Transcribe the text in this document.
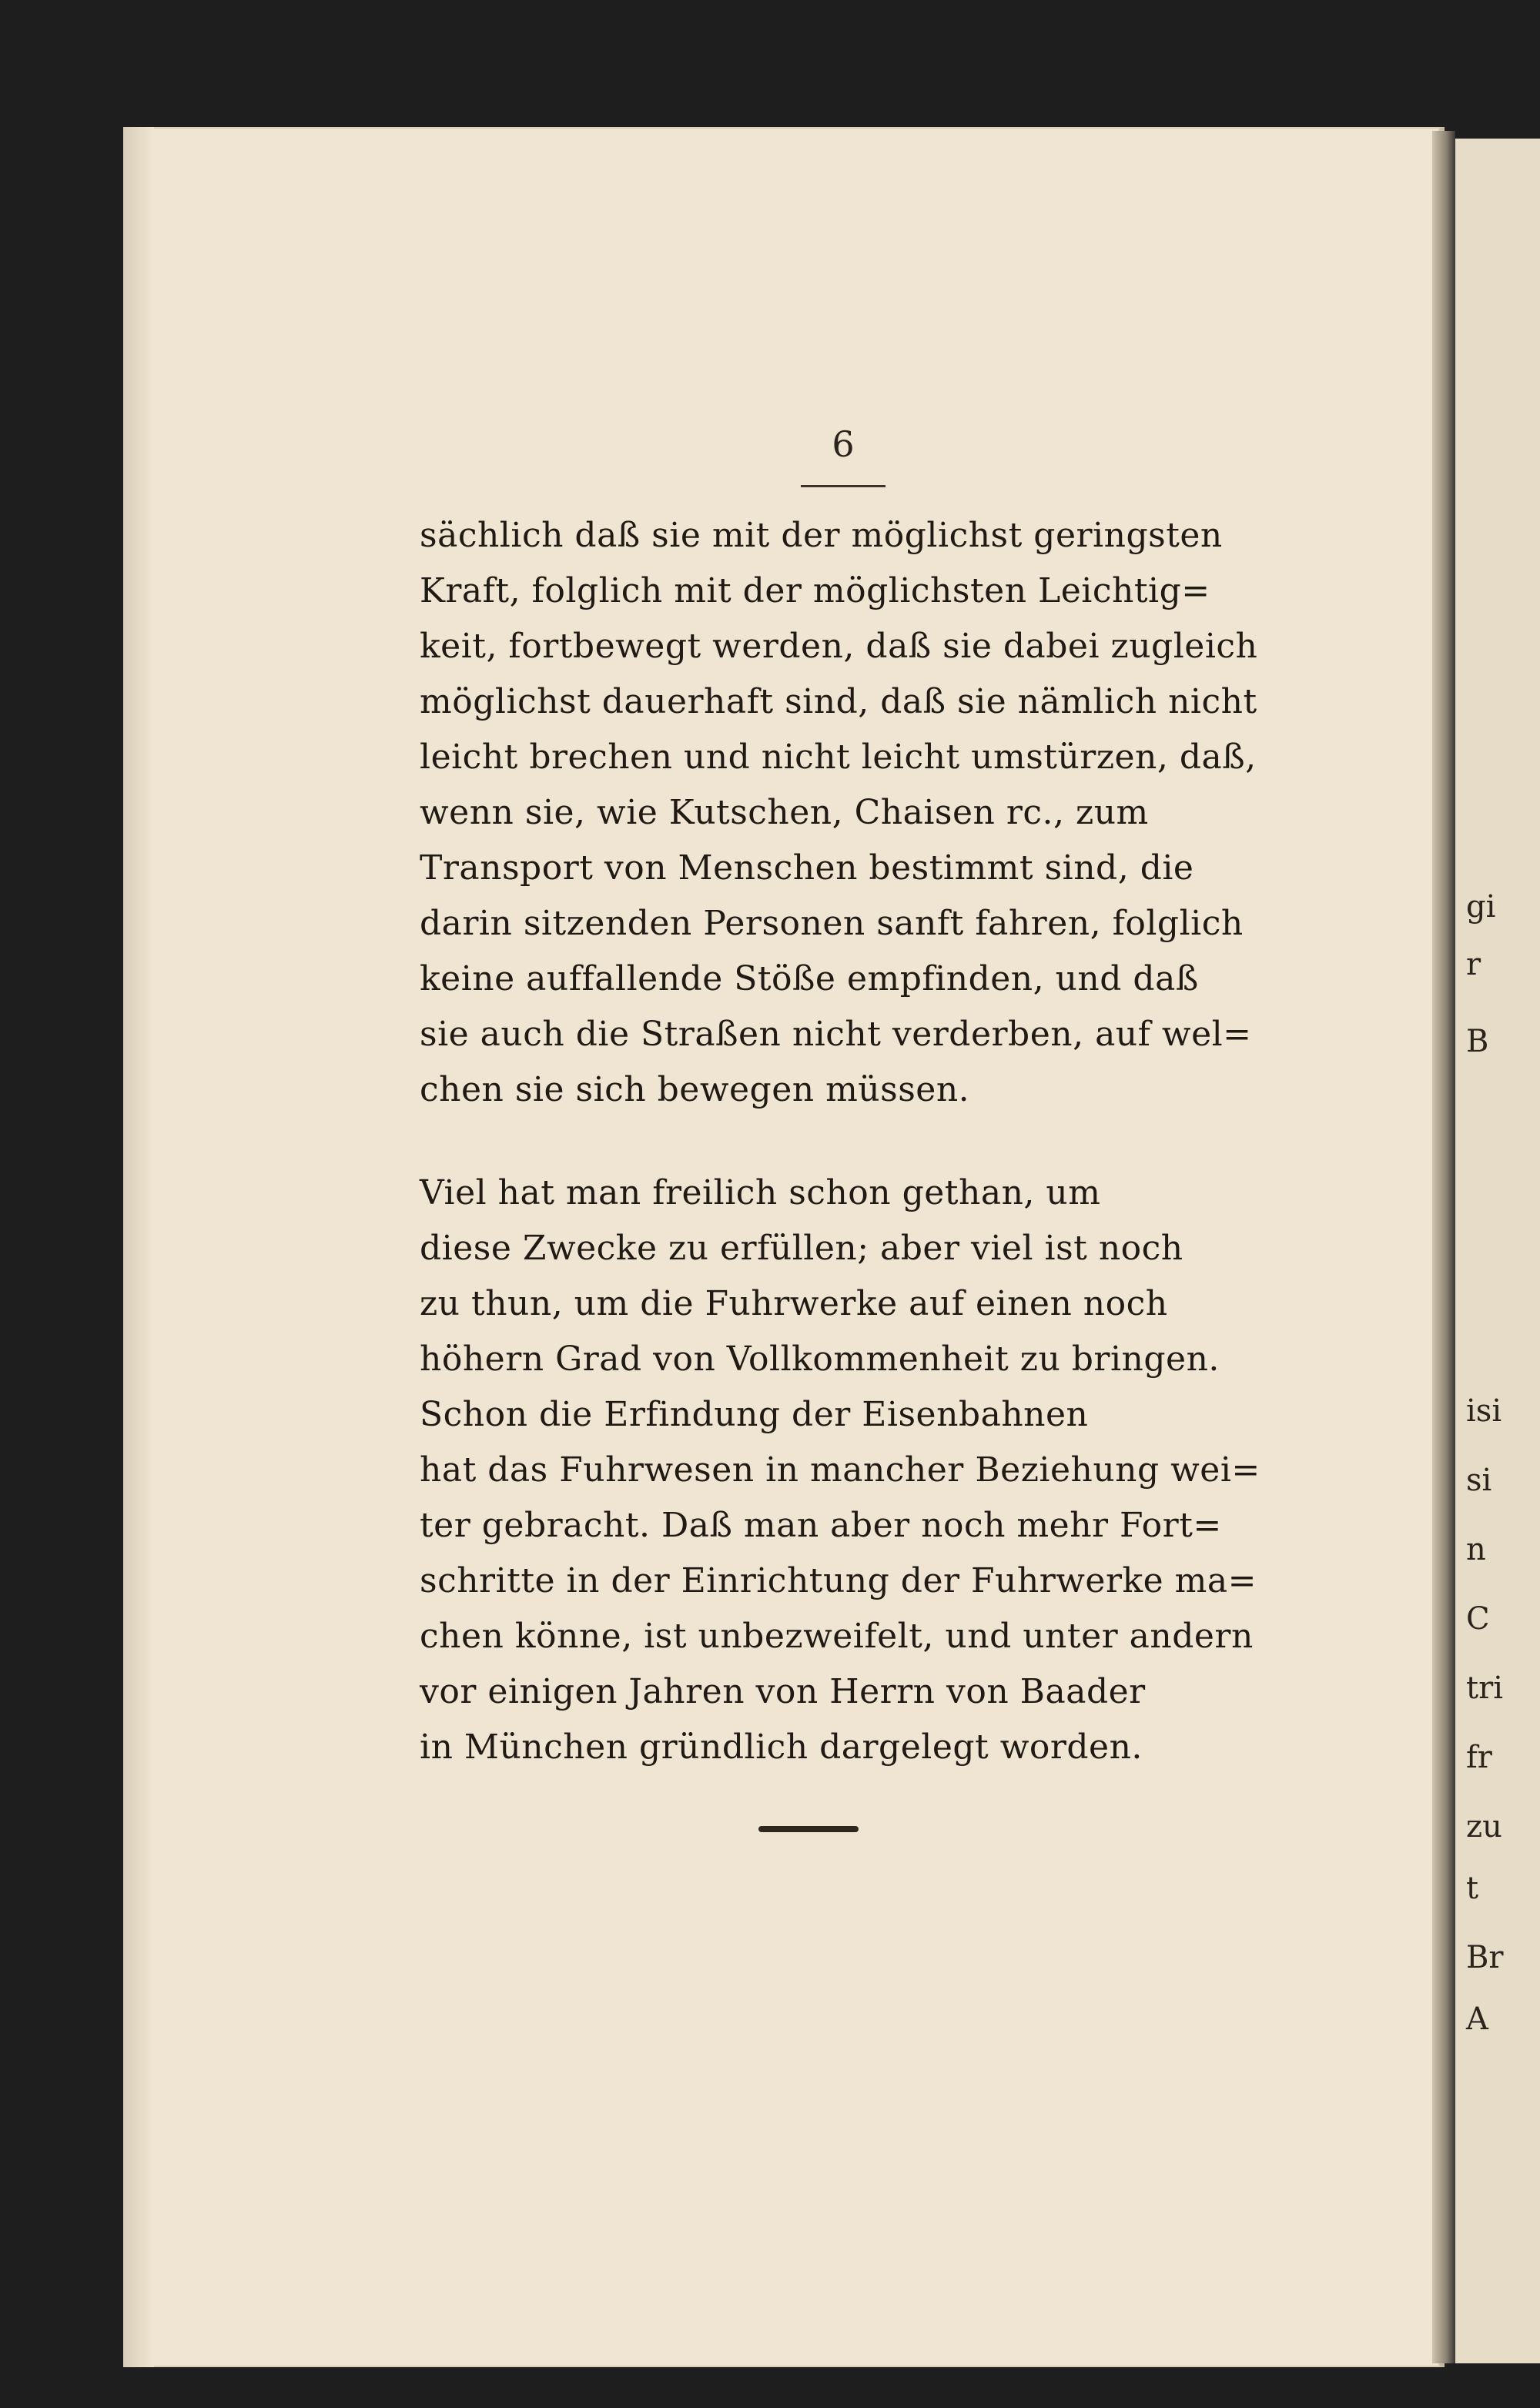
gi
r
B
isi
si
n
C
tri
fr
zu
t
Br
A
6
sächlich daß sie mit der möglichst geringsten
Kraft, folglich mit der möglichsten Leichtig=
keit, fortbewegt werden, daß sie dabei zugleich
möglichst dauerhaft sind, daß sie nämlich nicht
leicht brechen und nicht leicht umstürzen, daß,
wenn sie, wie Kutschen, Chaisen rc., zum
Transport von Menschen bestimmt sind, die
darin sitzenden Personen sanft fahren, folglich
keine auffallende Stöße empfinden, und daß
sie auch die Straßen nicht verderben, auf wel=
chen sie sich bewegen müssen.
Viel hat man freilich schon gethan, um
diese Zwecke zu erfüllen; aber viel ist noch
zu thun, um die Fuhrwerke auf einen noch
höhern Grad von Vollkommenheit zu bringen.
Schon die Erfindung der Eisenbahnen
hat das Fuhrwesen in mancher Beziehung wei=
ter gebracht. Daß man aber noch mehr Fort=
schritte in der Einrichtung der Fuhrwerke ma=
chen könne, ist unbezweifelt, und unter andern
vor einigen Jahren von Herrn von Baader
in München gründlich dargelegt worden.
